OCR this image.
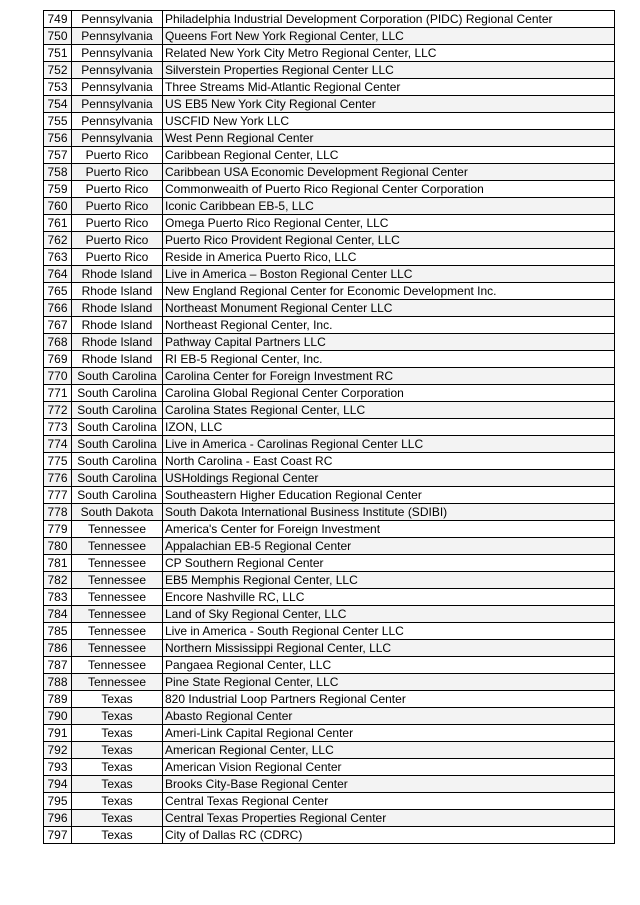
749	Pennsylvania	Philadelphia Industrial Development Corporation (PIDC) Regional Center
750	Pennsylvania	Queens Fort New York Regional Center, LLC
751	Pennsylvania	Related New York City Metro Regional Center, LLC
752	Pennsylvania	Silverstein Properties Regional Center LLC
753	Pennsylvania	Three Streams Mid-Atlantic Regional Center
754	Pennsylvania	US EB5 New York City Regional Center
755	Pennsylvania	USCFID New York LLC
756	Pennsylvania	West Penn Regional Center
757	Puerto Rico	Caribbean Regional Center, LLC
758	Puerto Rico	Caribbean USA Economic Development Regional Center
759	Puerto Rico	Commonweaith of Puerto Rico Regional Center Corporation
760	Puerto Rico	Iconic Caribbean EB-5, LLC
761	Puerto Rico	Omega Puerto Rico Regional Center, LLC
762	Puerto Rico	Puerto Rico Provident Regional Center, LLC
763	Puerto Rico	Reside in America Puerto Rico, LLC
764	Rhode Island	Live in America – Boston Regional Center LLC
765	Rhode Island	New England Regional Center for Economic Development Inc.
766	Rhode Island	Northeast Monument Regional Center LLC
767	Rhode Island	Northeast Regional Center, Inc.
768	Rhode Island	Pathway Capital Partners LLC
769	Rhode Island	RI EB-5 Regional Center, Inc.
770	South Carolina	Carolina Center for Foreign Investment RC
771	South Carolina	Carolina Global Regional Center Corporation
772	South Carolina	Carolina States Regional Center, LLC
773	South Carolina	IZON, LLC
774	South Carolina	Live in America - Carolinas Regional Center LLC
775	South Carolina	North Carolina - East Coast RC
776	South Carolina	USHoldings Regional Center
777	South Carolina	Southeastern Higher Education Regional Center
778	South Dakota	South Dakota International Business Institute (SDIBI)
779	Tennessee	America's Center for Foreign Investment
780	Tennessee	Appalachian EB-5 Regional Center
781	Tennessee	CP Southern Regional Center
782	Tennessee	EB5 Memphis Regional Center, LLC
783	Tennessee	Encore Nashville RC, LLC
784	Tennessee	Land of Sky Regional Center, LLC
785	Tennessee	Live in America - South Regional Center LLC
786	Tennessee	Northern Mississippi Regional Center, LLC
787	Tennessee	Pangaea Regional Center, LLC
788	Tennessee	Pine State Regional Center, LLC
789	Texas	820 Industrial Loop Partners Regional Center
790	Texas	Abasto Regional Center
791	Texas	Ameri-Link Capital Regional Center
792	Texas	American Regional Center, LLC
793	Texas	American Vision Regional Center
794	Texas	Brooks City-Base Regional Center
795	Texas	Central Texas Regional Center
796	Texas	Central Texas Properties Regional Center
797	Texas	City of Dallas RC (CDRC)
